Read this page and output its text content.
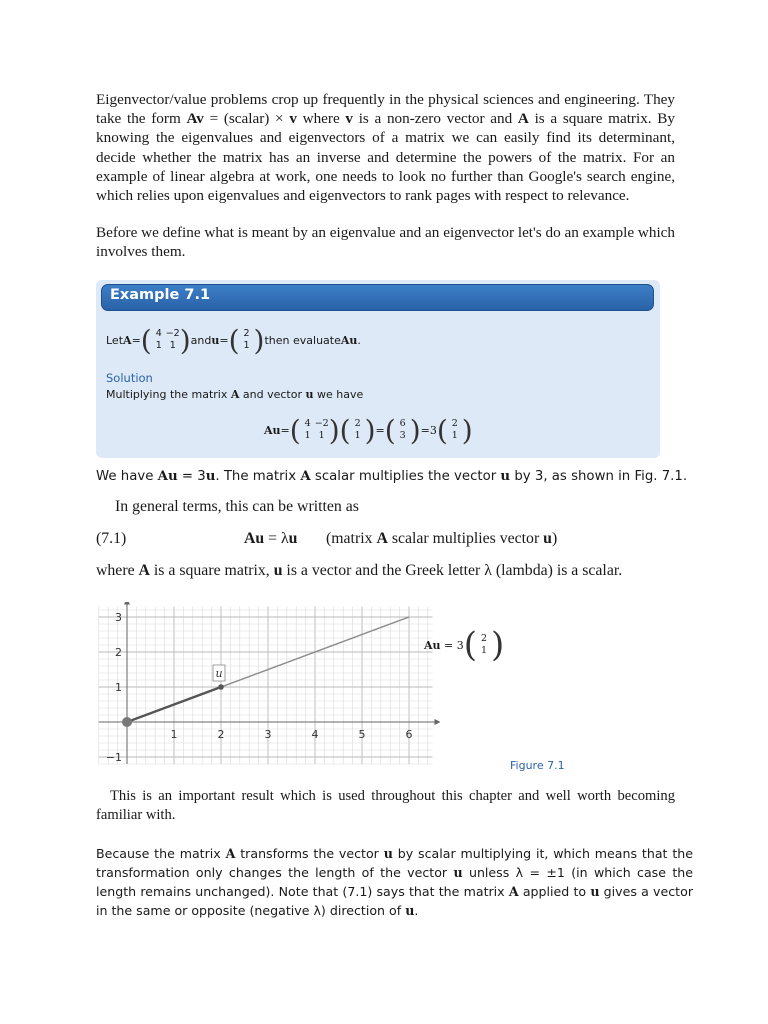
Eigenvector/value problems crop up frequently in the physical sciences and engineering. They take the form Av = (scalar) × v where v is a non-zero vector and A is a square matrix. By knowing the eigenvalues and eigenvectors of a matrix we can easily find its determinant, decide whether the matrix has an inverse and determine the powers of the matrix. For an example of linear algebra at work, one needs to look no further than Google's search engine, which relies upon eigenvalues and eigenvectors to rank pages with respect to relevance.

Before we define what is meant by an eigenvalue and an eigenvector let's do an example which involves them.

Example 7.1
Let A = ( 4 −2
1 1 ) and u = ( 2
1 ) then evaluate Au .
Solution
Multiplying the matrix A and vector u we have
Au = ( 4 −2
1 1 ) ( 2
1 ) = ( 6
3 ) = 3 ( 2
1 )
We have Au = 3u. The matrix A scalar multiplies the vector u by 3, as shown in Fig. 7.1.
In general terms, this can be written as
(7.1)	Au = λu (matrix A scalar multiplies vector u)
where A is a square matrix, u is a vector and the Greek letter λ (lambda) is a scalar.
1	2	3	4	5	6
3
2
1
−1
u
Au
= 3 ( 2
1 )
Figure 7.1

This is an important result which is used throughout this chapter and well worth becoming familiar with.

Because the matrix A transforms the vector u by scalar multiplying it, which means that the transformation only changes the length of the vector u unless λ = ±1 (in which case the length remains unchanged). Note that (7.1) says that the matrix A applied to u gives a vector in the same or opposite (negative λ) direction of u.
